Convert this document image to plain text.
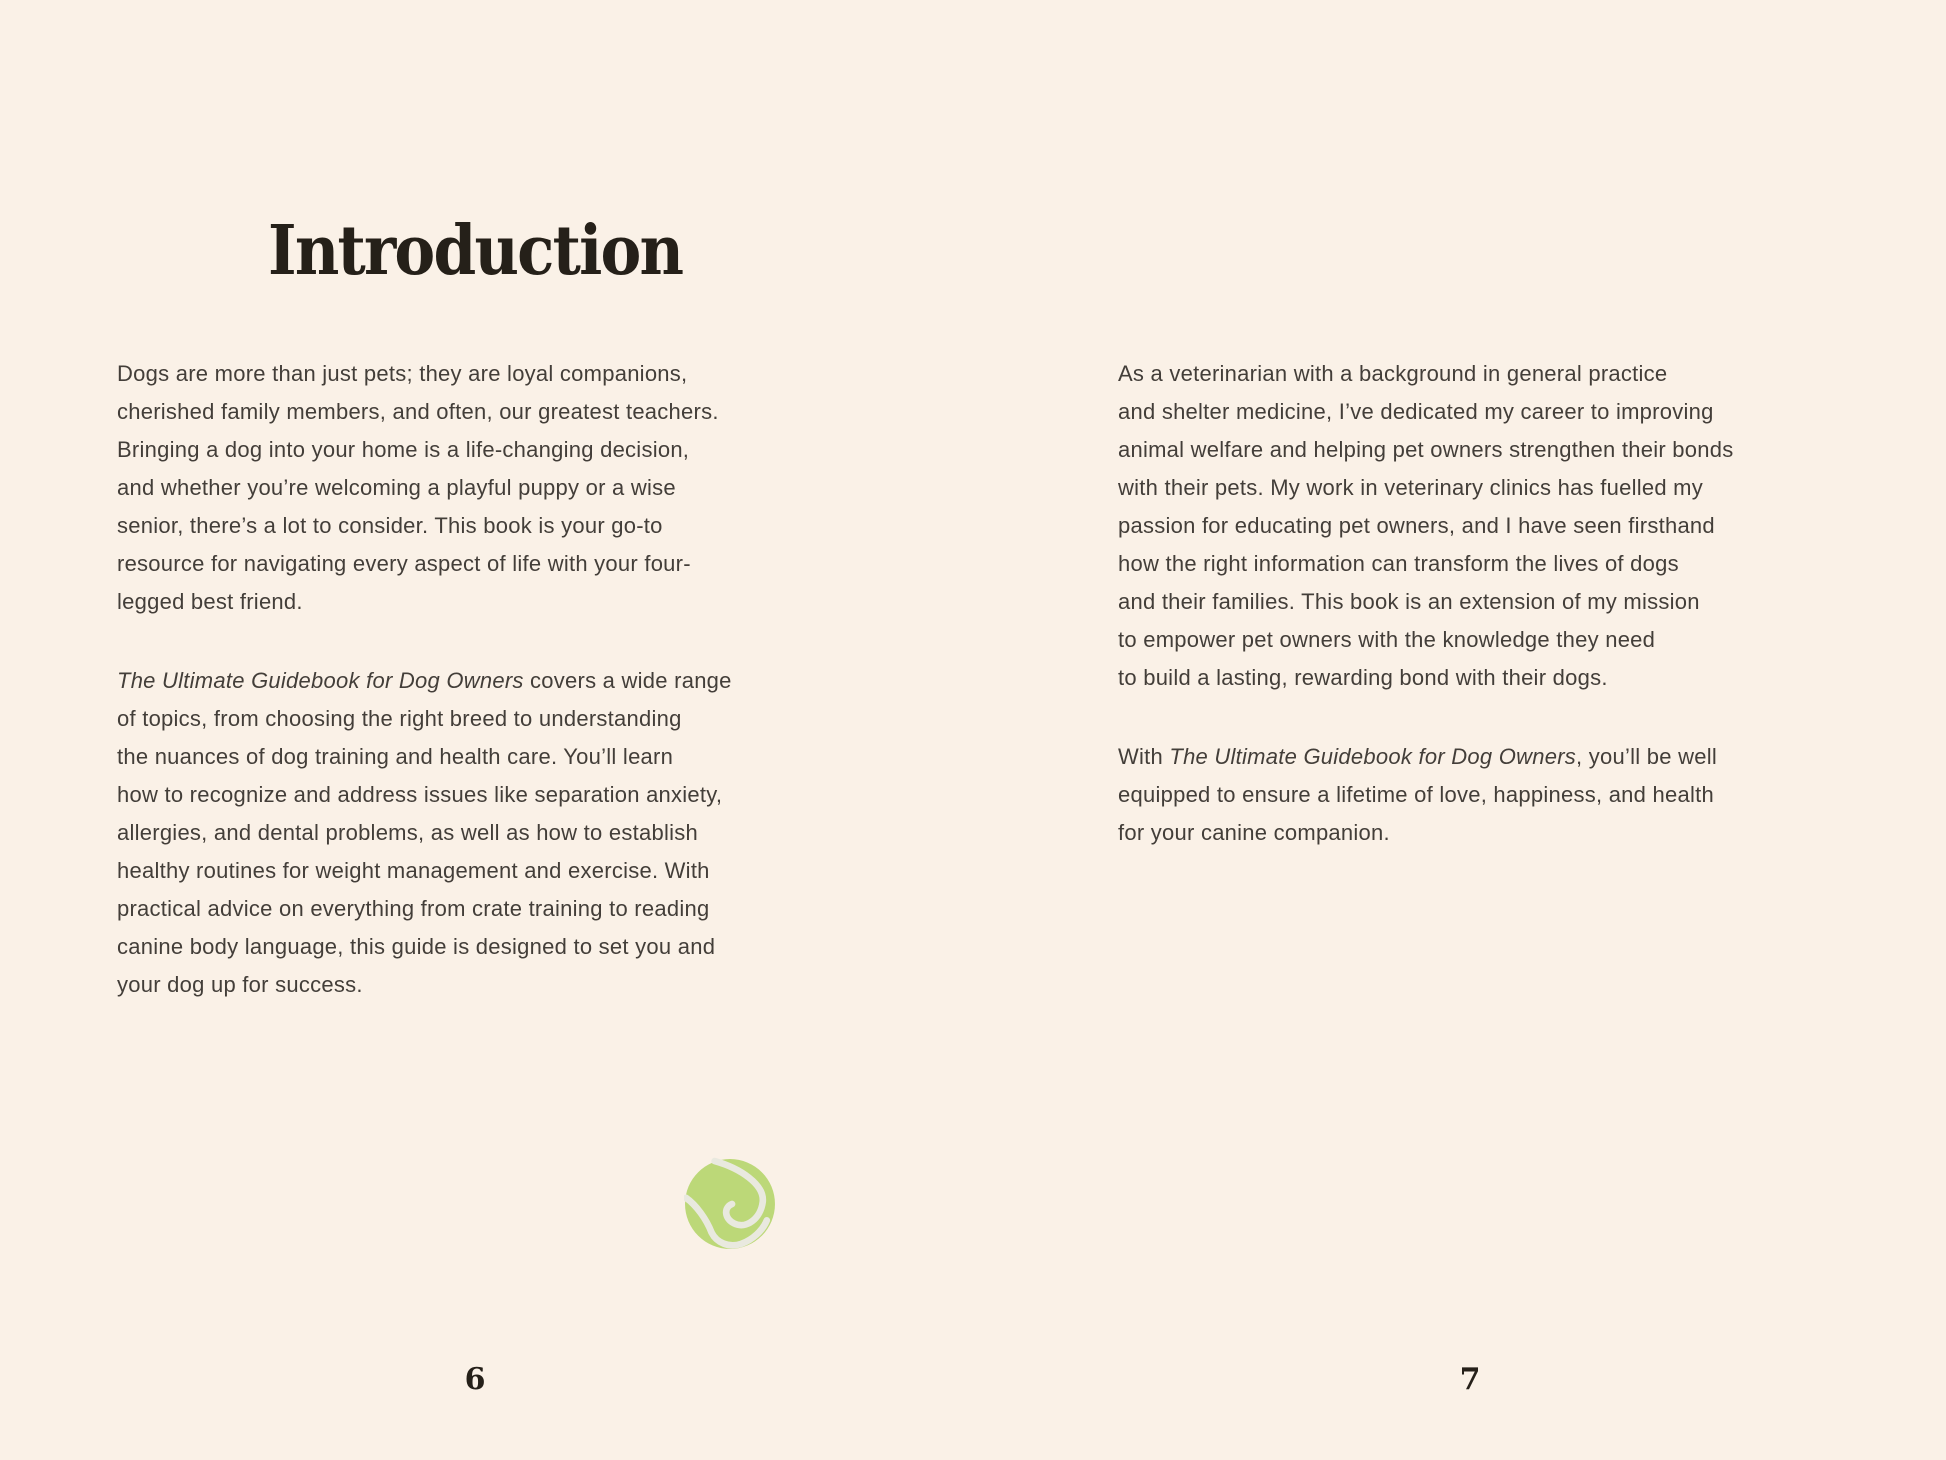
Introduction
Dogs are more than just pets; they are loyal companions,
cherished family members, and often, our greatest teachers.
Bringing a dog into your home is a life-changing decision,
and whether you’re welcoming a playful puppy or a wise
senior, there’s a lot to consider. This book is your go-to
resource for navigating every aspect of life with your four-
legged best friend.
The Ultimate Guidebook for Dog Owners covers a wide range
of topics, from choosing the right breed to understanding
the nuances of dog training and health care. You’ll learn
how to recognize and address issues like separation anxiety,
allergies, and dental problems, as well as how to establish
healthy routines for weight management and exercise. With
practical advice on everything from crate training to reading
canine body language, this guide is designed to set you and
your dog up for success.
As a veterinarian with a background in general practice
and shelter medicine, I’ve dedicated my career to improving
animal welfare and helping pet owners strengthen their bonds
with their pets. My work in veterinary clinics has fuelled my
passion for educating pet owners, and I have seen firsthand
how the right information can transform the lives of dogs
and their families. This book is an extension of my mission
to empower pet owners with the knowledge they need
to build a lasting, rewarding bond with their dogs.
With The Ultimate Guidebook for Dog Owners, you’ll be well
equipped to ensure a lifetime of love, happiness, and health
for your canine companion.
6	7
